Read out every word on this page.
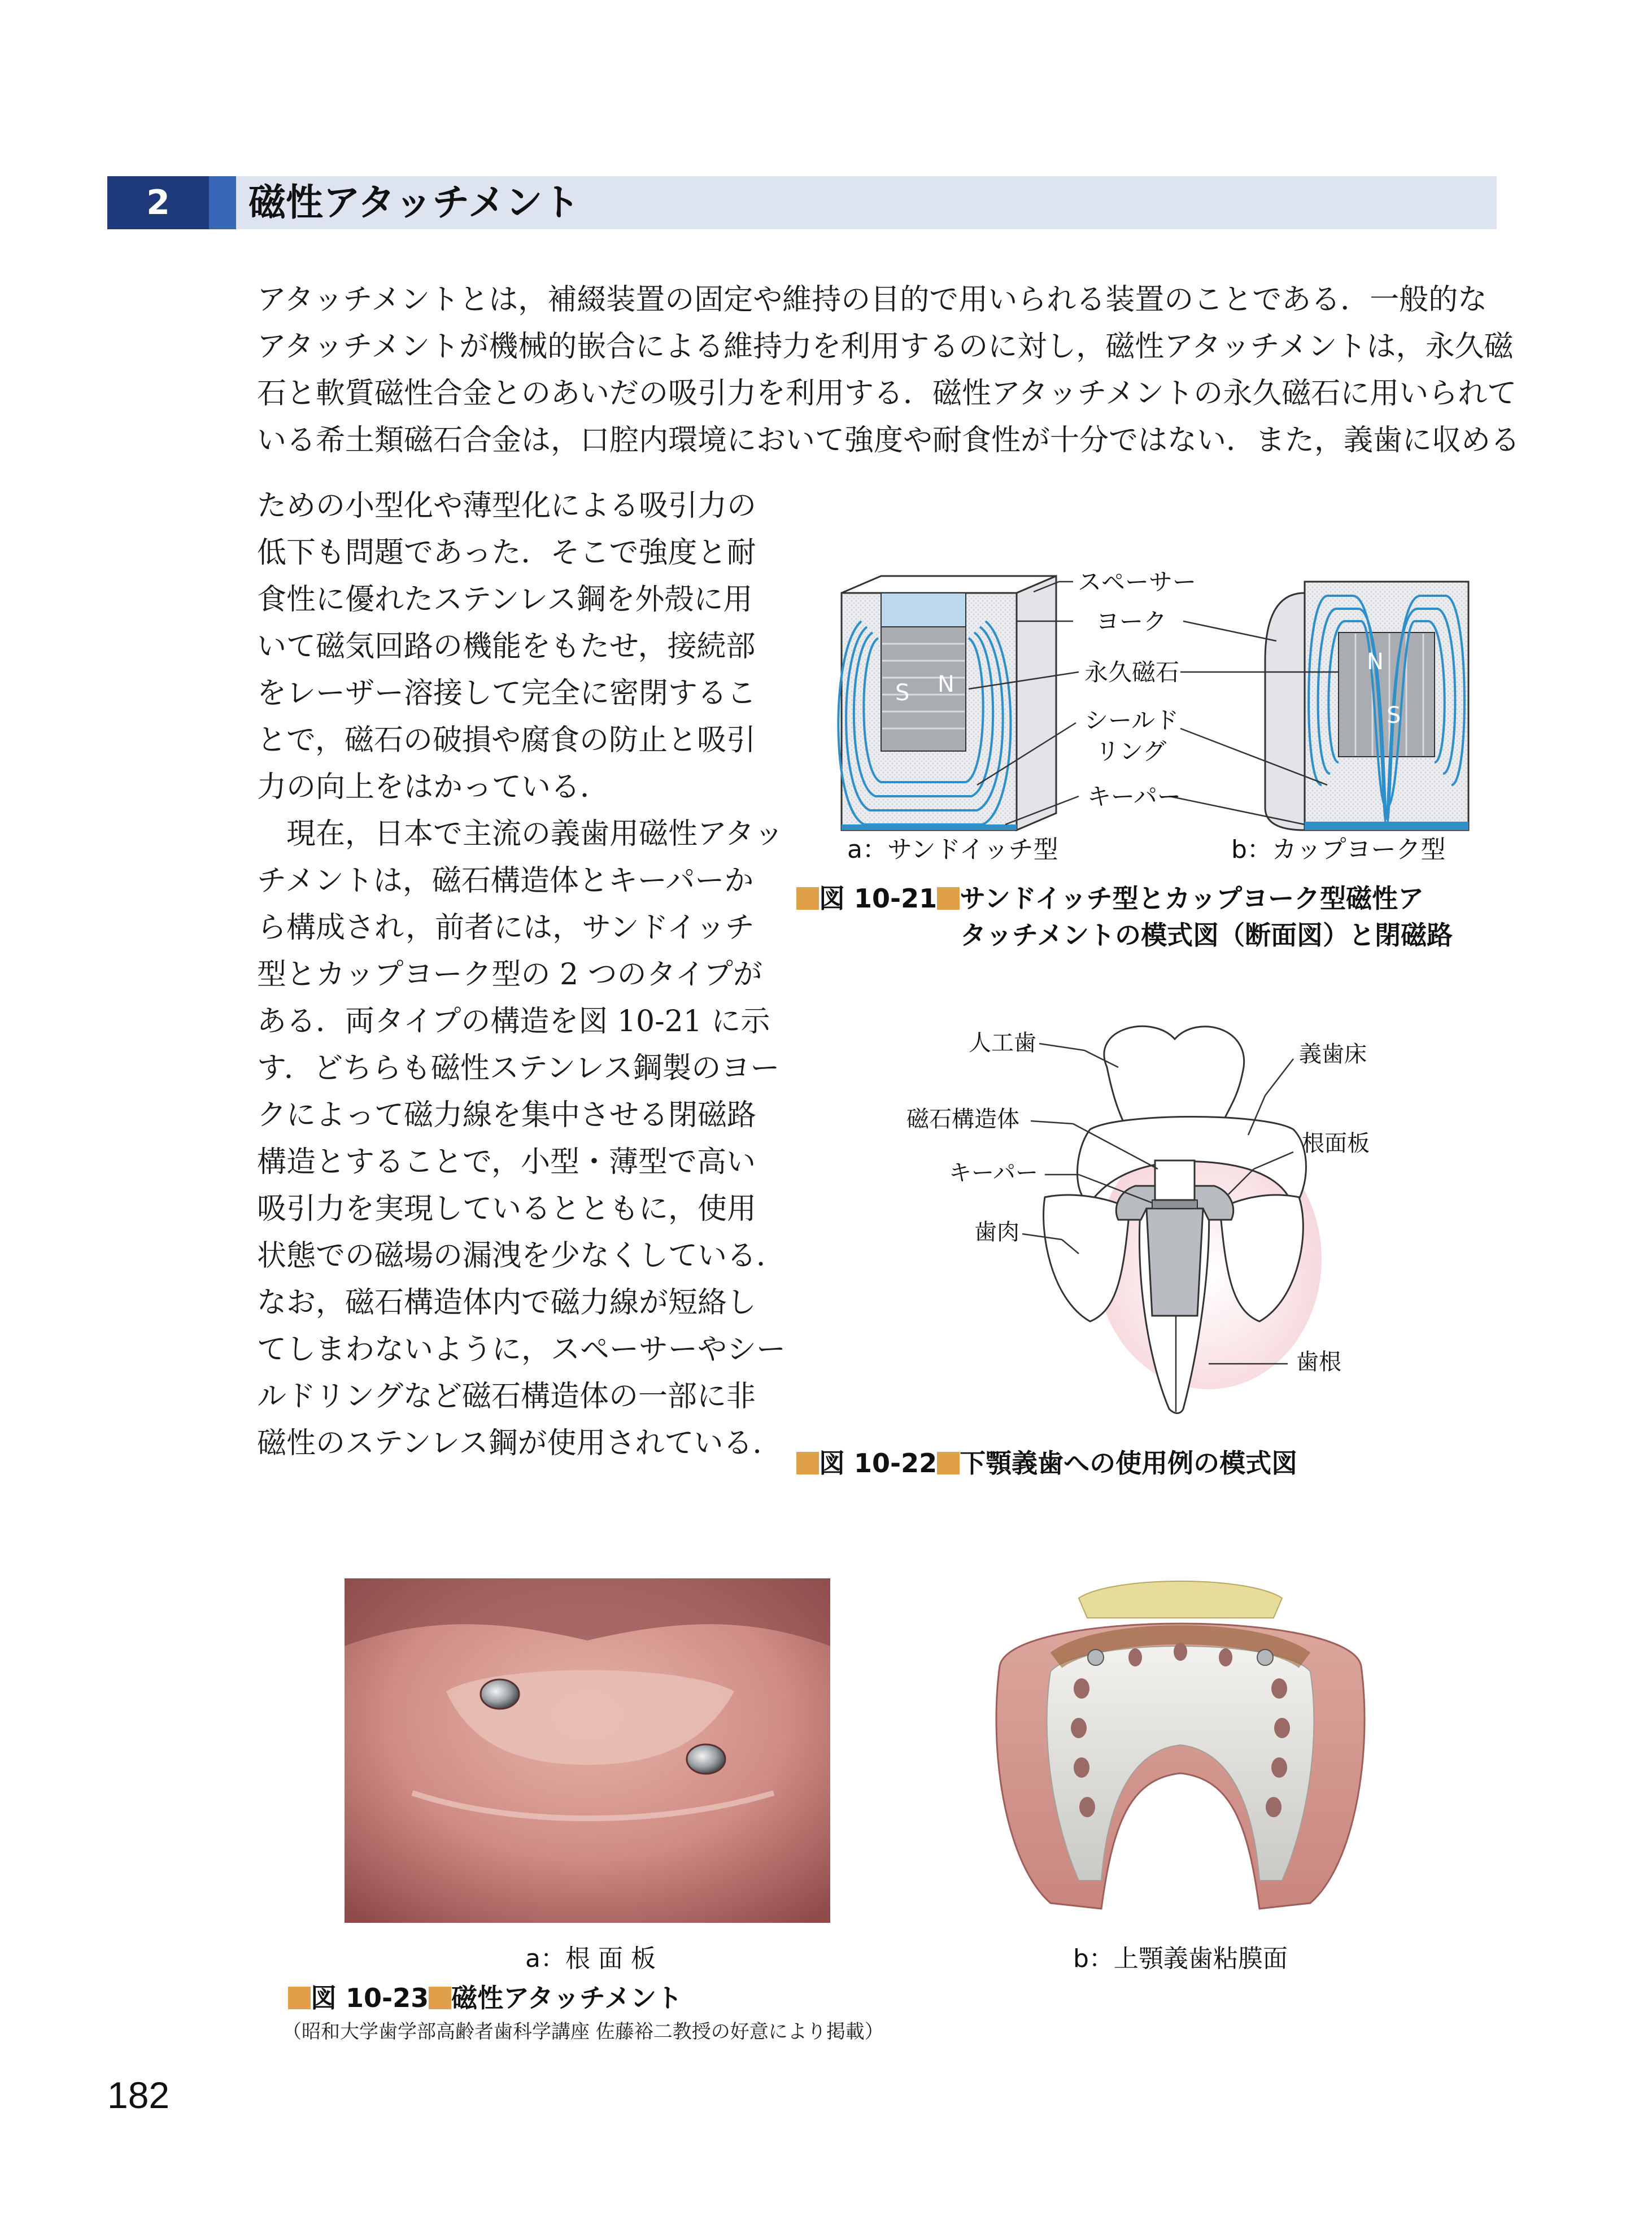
2	磁性アタッチメント
アタッチメントとは，補綴装置の固定や維持の目的で用いられる装置のことである．一般的な
アタッチメントが機械的嵌合による維持力を利用するのに対し，磁性アタッチメントは，永久磁
石と軟質磁性合金とのあいだの吸引力を利用する．磁性アタッチメントの永久磁石に用いられて
いる希土類磁石合金は，口腔内環境において強度や耐食性が十分ではない．また，義歯に収める
ための小型化や薄型化による吸引力の
低下も問題であった．そこで強度と耐
食性に優れたステンレス鋼を外殻に用
いて磁気回路の機能をもたせ，接続部
をレーザー溶接して完全に密閉するこ
とで，磁石の破損や腐食の防止と吸引
力の向上をはかっている．
　現在，日本で主流の義歯用磁性アタッ
チメントは，磁石構造体とキーパーか
ら構成され，前者には，サンドイッチ
型とカップヨーク型の 2 つのタイプが
ある．両タイプの構造を図 10-21 に示
す．どちらも磁性ステンレス鋼製のヨー
クによって磁力線を集中させる閉磁路
構造とすることで，小型・薄型で高い
吸引力を実現しているとともに，使用
状態での磁場の漏洩を少なくしている．
なお，磁石構造体内で磁力線が短絡し
てしまわないように，スペーサーやシー
ルドリングなど磁石構造体の一部に非
磁性のステンレス鋼が使用されている．
S N
N
S
スペーサー
ヨーク
永久磁石
シールド
リング
キーパー
a：サンドイッチ型	b：カップヨーク型
図 10-21 サンドイッチ型とカップヨーク型磁性ア
タッチメントの模式図（断面図）と閉磁路
人工歯	義歯床
磁石構造体
根面板
キーパー
歯肉
歯根
図 10-22 下顎義歯への使用例の模式図
a：根 面 板	b：上顎義歯粘膜面
図 10-23 磁性アタッチメント
（昭和大学歯学部高齢者歯科学講座 佐藤裕二教授の好意により掲載）
182
